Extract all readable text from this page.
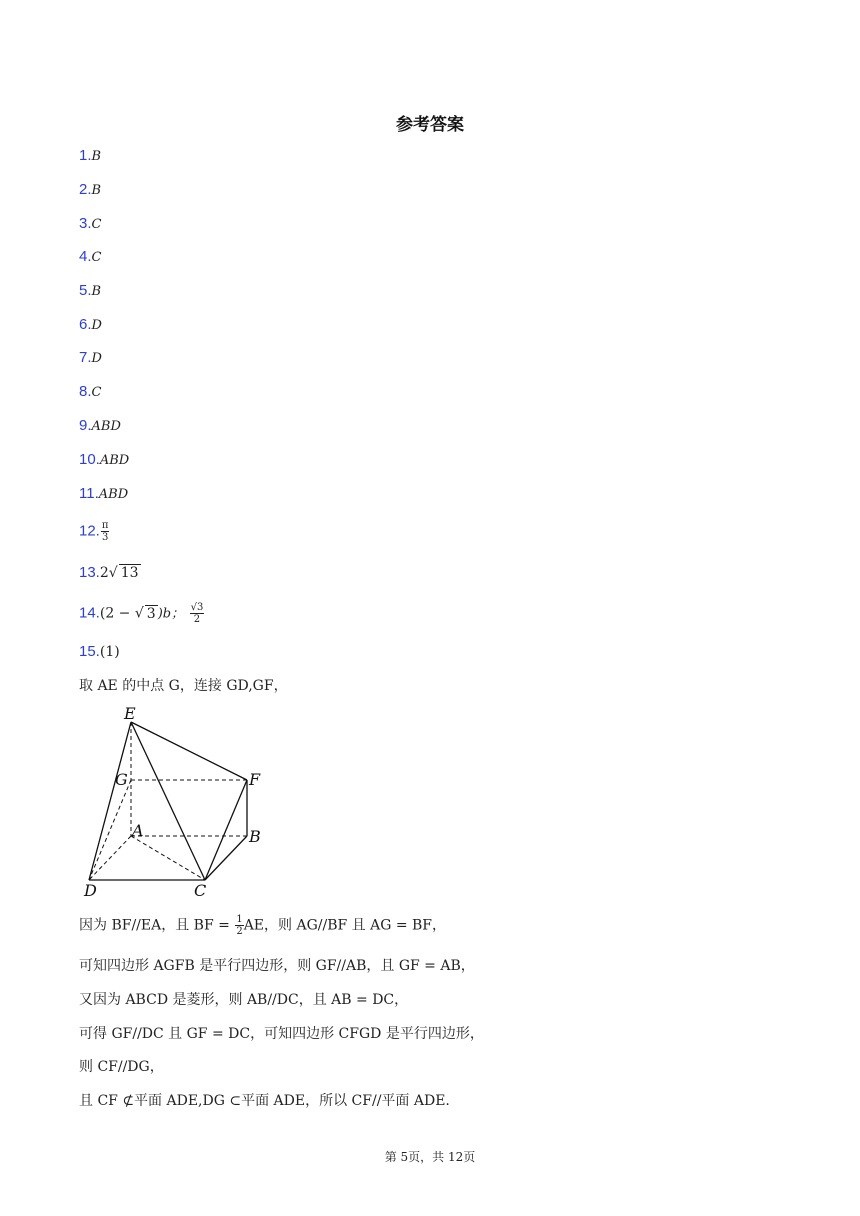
参考答案
1.B
2.B
3.C
4.C
5.B
6.D
7.D
8.C
9.ABD
10.ABD
11.ABD
12. $\frac{\pi}{3}$
13.2√ 13
14.(2 − √ 3 )b； $\frac{√3}{2}$
15.(1)
取 AE 的中点 G，连接 GD,GF，
E
G	F
A	B
D	C
因为 BF//EA，且 BF = $\frac{1}{2}$ AE，则 AG//BF 且 AG = BF，
可知四边形 AGFB 是平行四边形，则 GF//AB，且 GF = AB，
又因为 ABCD 是菱形，则 AB//DC，且 AB = DC，
可得 GF//DC 且 GF = DC，可知四边形 CFGD 是平行四边形，
则 CF//DG，
且 CF ⊄平面 ADE,DG ⊂平面 ADE，所以 CF//平面 ADE.
第 5页，共 12页
